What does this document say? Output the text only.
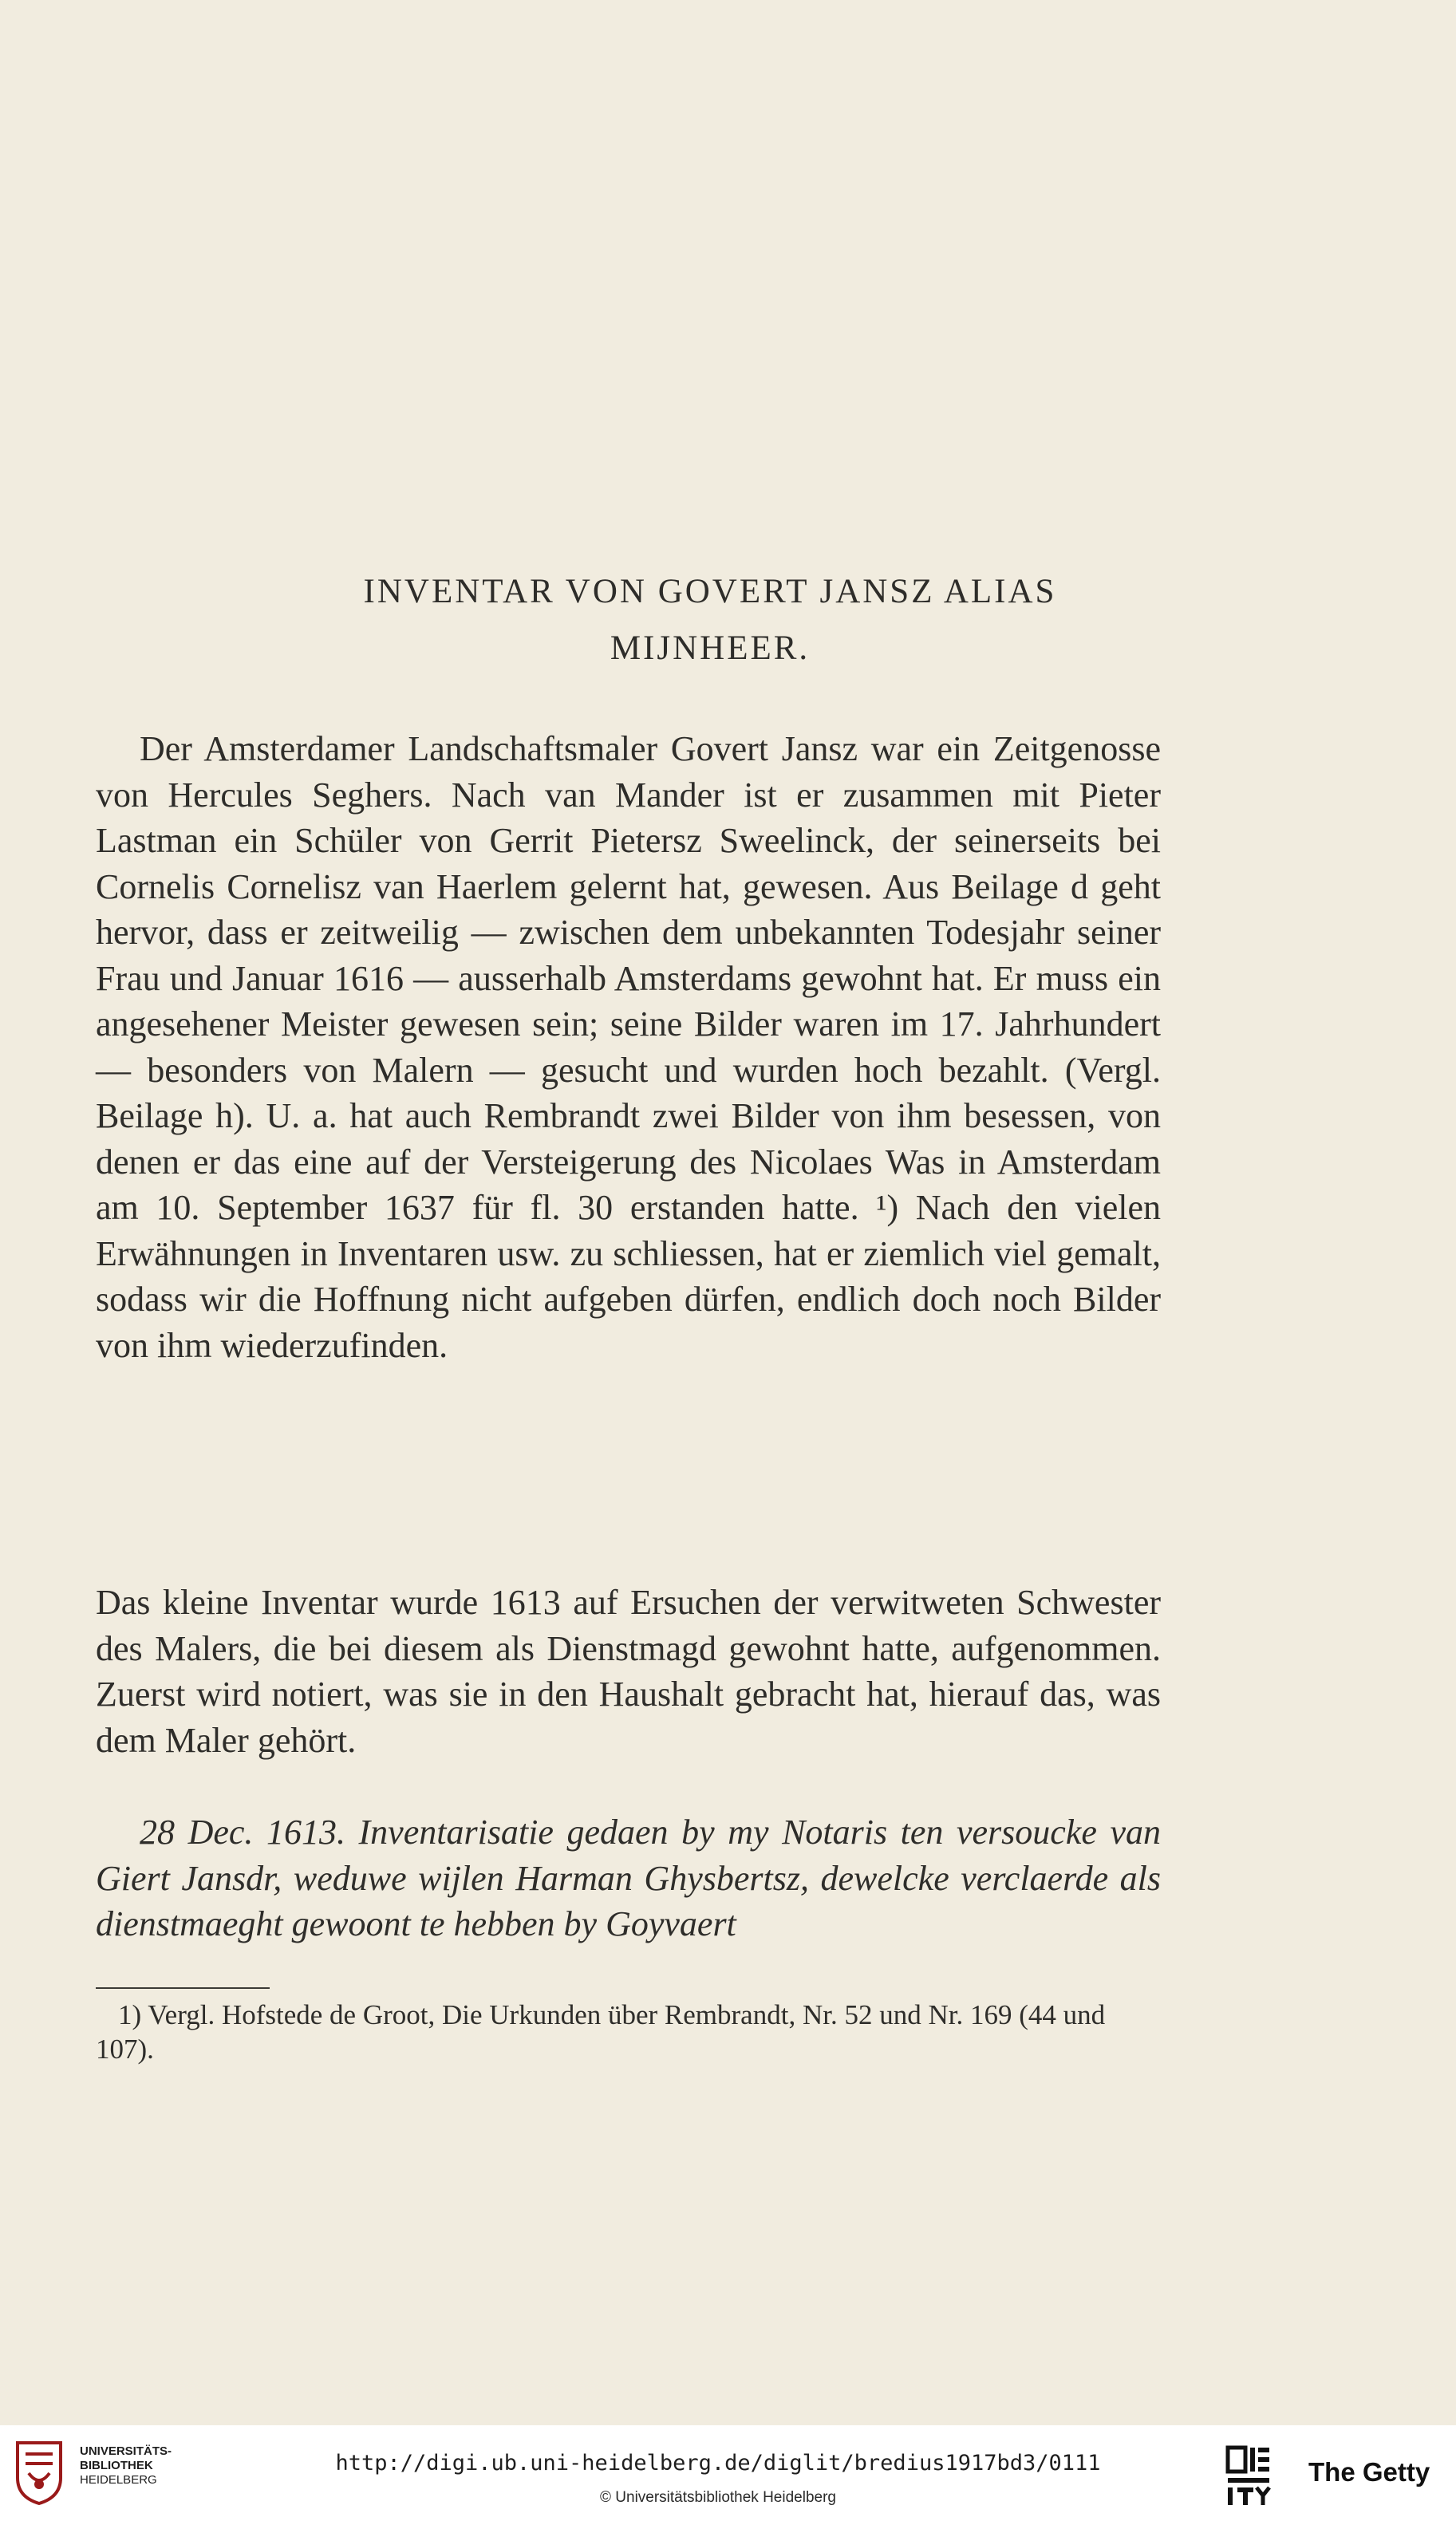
INVENTAR VON GOVERT JANSZ ALIAS
MIJNHEER.
Der Amsterdamer Landschaftsmaler Govert Jansz war ein Zeitgenosse von Hercules Seghers. Nach van Mander ist er zusammen mit Pieter Lastman ein Schüler von Gerrit Pietersz Sweelinck, der seinerseits bei Cornelis Cornelisz van Haerlem gelernt hat, gewesen. Aus Beilage d geht hervor, dass er zeitweilig — zwischen dem unbekannten Todesjahr seiner Frau und Januar 1616 — ausserhalb Amsterdams gewohnt hat. Er muss ein angesehener Meister gewesen sein; seine Bilder waren im 17. Jahrhundert — besonders von Malern — gesucht und wurden hoch bezahlt. (Vergl. Beilage h). U. a. hat auch Rembrandt zwei Bilder von ihm besessen, von denen er das eine auf der Versteigerung des Nicolaes Was in Amsterdam am 10. September 1637 für fl. 30 erstanden hatte. ¹) Nach den vielen Erwähnungen in Inventaren usw. zu schliessen, hat er ziemlich viel gemalt, sodass wir die Hoffnung nicht aufgeben dürfen, endlich doch noch Bilder von ihm wiederzufinden.
Das kleine Inventar wurde 1613 auf Ersuchen der verwitweten Schwester des Malers, die bei diesem als Dienstmagd gewohnt hatte, aufgenommen. Zuerst wird notiert, was sie in den Haushalt gebracht hat, hierauf das, was dem Maler gehört.
28 Dec. 1613. Inventarisatie gedaen by my Notaris ten versoucke van Giert Jansdr, weduwe wijlen Harman Ghysbertsz, dewelcke verclaerde als dienstmaeght gewoont te hebben by Goyvaert
1) Vergl. Hofstede de Groot, Die Urkunden über Rembrandt, Nr. 52 und Nr. 169 (44 und 107).
UNIVERSITÄTS-
BIBLIOTHEK
HEIDELBERG
http://digi.ub.uni-heidelberg.de/diglit/bredius1917bd3/0111
© Universitätsbibliothek Heidelberg
The Getty
